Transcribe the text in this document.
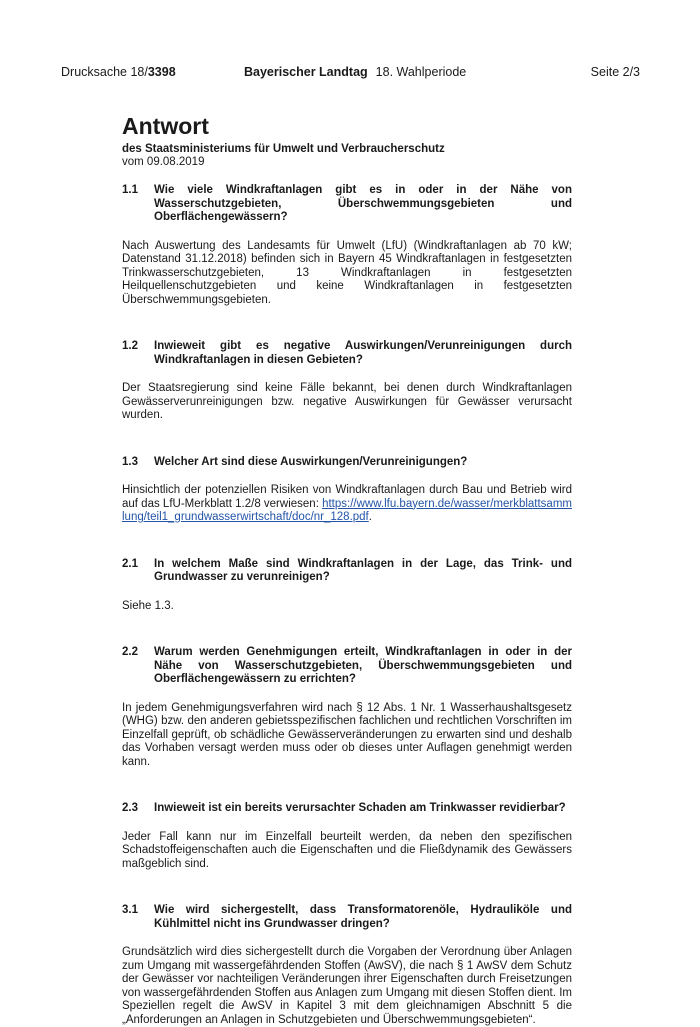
Drucksache 18/3398	Bayerischer Landtag 18. Wahlperiode	Seite 2/3
Antwort

des Staatsministeriums für Umwelt und Verbraucherschutz

vom 09.08.2019

1.1	Wie viele Windkraftanlagen gibt es in oder in der Nähe von Wasserschutzgebieten, Überschwemmungsgebieten und Oberflächengewässern?

Nach Auswertung des Landesamts für Umwelt (LfU) (Windkraftanlagen ab 70 kW; Datenstand 31.12.2018) befinden sich in Bayern 45 Windkraftanlagen in festgesetzten Trinkwasserschutzgebieten, 13 Windkraftanlagen in festgesetzten Heilquellenschutzgebieten und keine Windkraftanlagen in festgesetzten Überschwemmungsgebieten.

1.2	Inwieweit gibt es negative Auswirkungen/Verunreinigungen durch Windkraftanlagen in diesen Gebieten?

Der Staatsregierung sind keine Fälle bekannt, bei denen durch Windkraftanlagen Gewässerverunreinigungen bzw. negative Auswirkungen für Gewässer verursacht wurden.

1.3	Welcher Art sind diese Auswirkungen/Verunreinigungen?

Hinsichtlich der potenziellen Risiken von Windkraftanlagen durch Bau und Betrieb wird auf das LfU-Merkblatt 1.2/8 verwiesen: https://www.lfu.bayern.de/wasser/merkblattsammlung/teil1_grundwasserwirtschaft/doc/nr_128.pdf.

2.1	In welchem Maße sind Windkraftanlagen in der Lage, das Trink- und Grundwasser zu verunreinigen?

Siehe 1.3.

2.2	Warum werden Genehmigungen erteilt, Windkraftanlagen in oder in der Nähe von Wasserschutzgebieten, Überschwemmungsgebieten und Oberflächengewässern zu errichten?

In jedem Genehmigungsverfahren wird nach § 12 Abs. 1 Nr. 1 Wasserhaushaltsgesetz (WHG) bzw. den anderen gebietsspezifischen fachlichen und rechtlichen Vorschriften im Einzelfall geprüft, ob schädliche Gewässerveränderungen zu erwarten sind und deshalb das Vorhaben versagt werden muss oder ob dieses unter Auflagen genehmigt werden kann.

2.3	Inwieweit ist ein bereits verursachter Schaden am Trinkwasser revidierbar?

Jeder Fall kann nur im Einzelfall beurteilt werden, da neben den spezifischen Schadstoffeigenschaften auch die Eigenschaften und die Fließdynamik des Gewässers maßgeblich sind.

3.1	Wie wird sichergestellt, dass Transformatorenöle, Hydrauliköle und Kühlmittel nicht ins Grundwasser dringen?

Grundsätzlich wird dies sichergestellt durch die Vorgaben der Verordnung über Anlagen zum Umgang mit wassergefährdenden Stoffen (AwSV), die nach § 1 AwSV dem Schutz der Gewässer vor nachteiligen Veränderungen ihrer Eigenschaften durch Freisetzungen von wassergefährdenden Stoffen aus Anlagen zum Umgang mit diesen Stoffen dient. Im Speziellen regelt die AwSV in Kapitel 3 mit dem gleichnamigen Abschnitt 5 die „Anforderungen an Anlagen in Schutzgebieten und Überschwemmungsgebieten“.
